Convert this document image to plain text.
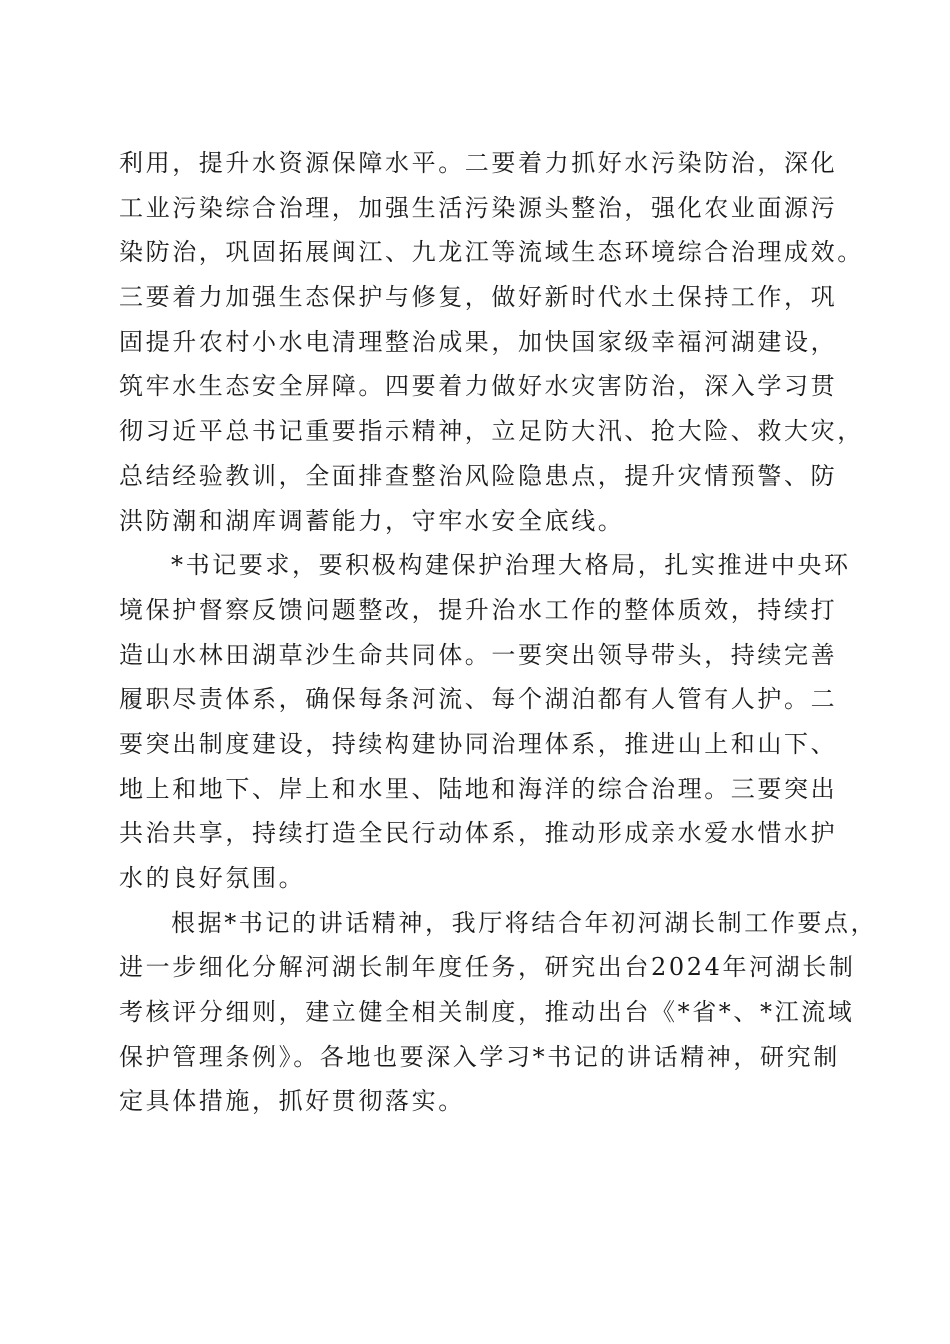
利用，提升水资源保障水平。二要着力抓好水污染防治，深化
工业污染综合治理，加强生活污染源头整治，强化农业面源污
染防治，巩固拓展闽江、九龙江等流域生态环境综合治理成效。
三要着力加强生态保护与修复，做好新时代水土保持工作，巩
固提升农村小水电清理整治成果，加快国家级幸福河湖建设，
筑牢水生态安全屏障。四要着力做好水灾害防治，深入学习贯
彻习近平总书记重要指示精神，立足防大汛、抢大险、救大灾，
总结经验教训，全面排查整治风险隐患点，提升灾情预警、防
洪防潮和湖库调蓄能力，守牢水安全底线。
*书记要求，要积极构建保护治理大格局，扎实推进中央环
境保护督察反馈问题整改，提升治水工作的整体质效，持续打
造山水林田湖草沙生命共同体。一要突出领导带头，持续完善
履职尽责体系，确保每条河流、每个湖泊都有人管有人护。二
要突出制度建设，持续构建协同治理体系，推进山上和山下、
地上和地下、岸上和水里、陆地和海洋的综合治理。三要突出
共治共享，持续打造全民行动体系，推动形成亲水爱水惜水护
水的良好氛围。
根据*书记的讲话精神，我厅将结合年初河湖长制工作要点，
进一步细化分解河湖长制年度任务，研究出台2024年河湖长制
考核评分细则，建立健全相关制度，推动出台《*省*、*江流域
保护管理条例》。各地也要深入学习*书记的讲话精神，研究制
定具体措施，抓好贯彻落实。
